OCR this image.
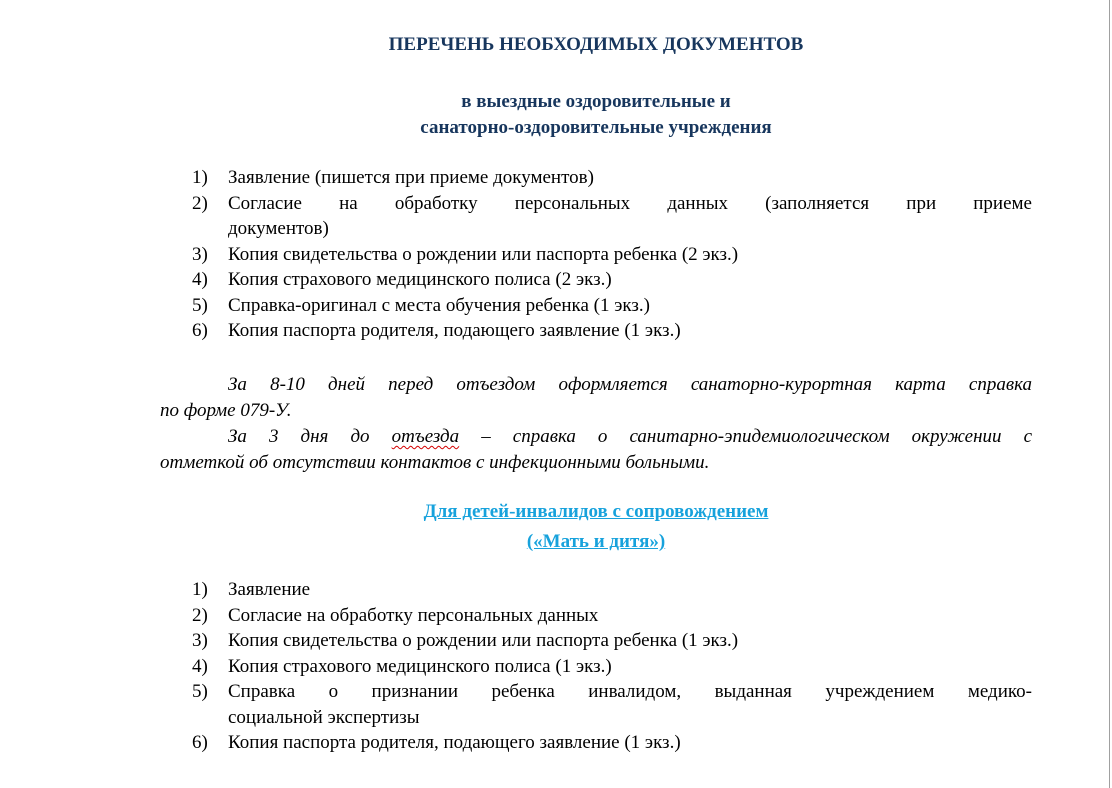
ПЕРЕЧЕНЬ НЕОБХОДИМЫХ ДОКУМЕНТОВ
в выездные оздоровительные и
санаторно-оздоровительные учреждения
1) Заявление (пишется при приеме документов)
2) Согласие на обработку персональных данных (заполняется при приеме
документов)
3) Копия свидетельства о рождении или паспорта ребенка (2 экз.)
4) Копия страхового медицинского полиса (2 экз.)
5) Справка-оригинал с места обучения ребенка (1 экз.)
6) Копия паспорта родителя, подающего заявление (1 экз.)
За 8-10 дней перед отъездом оформляется санаторно-курортная карта справка
по форме 079-У.
За 3 дня до отъезда – справка о санитарно-эпидемиологическом окружении с
отметкой об отсутствии контактов с инфекционными больными.
Для детей-инвалидов с сопровождением
(«Мать и дитя»)
1) Заявление
2) Согласие на обработку персональных данных
3) Копия свидетельства о рождении или паспорта ребенка (1 экз.)
4) Копия страхового медицинского полиса (1 экз.)
5) Справка о признании ребенка инвалидом, выданная учреждением медико-
социальной экспертизы
6) Копия паспорта родителя, подающего заявление (1 экз.)
